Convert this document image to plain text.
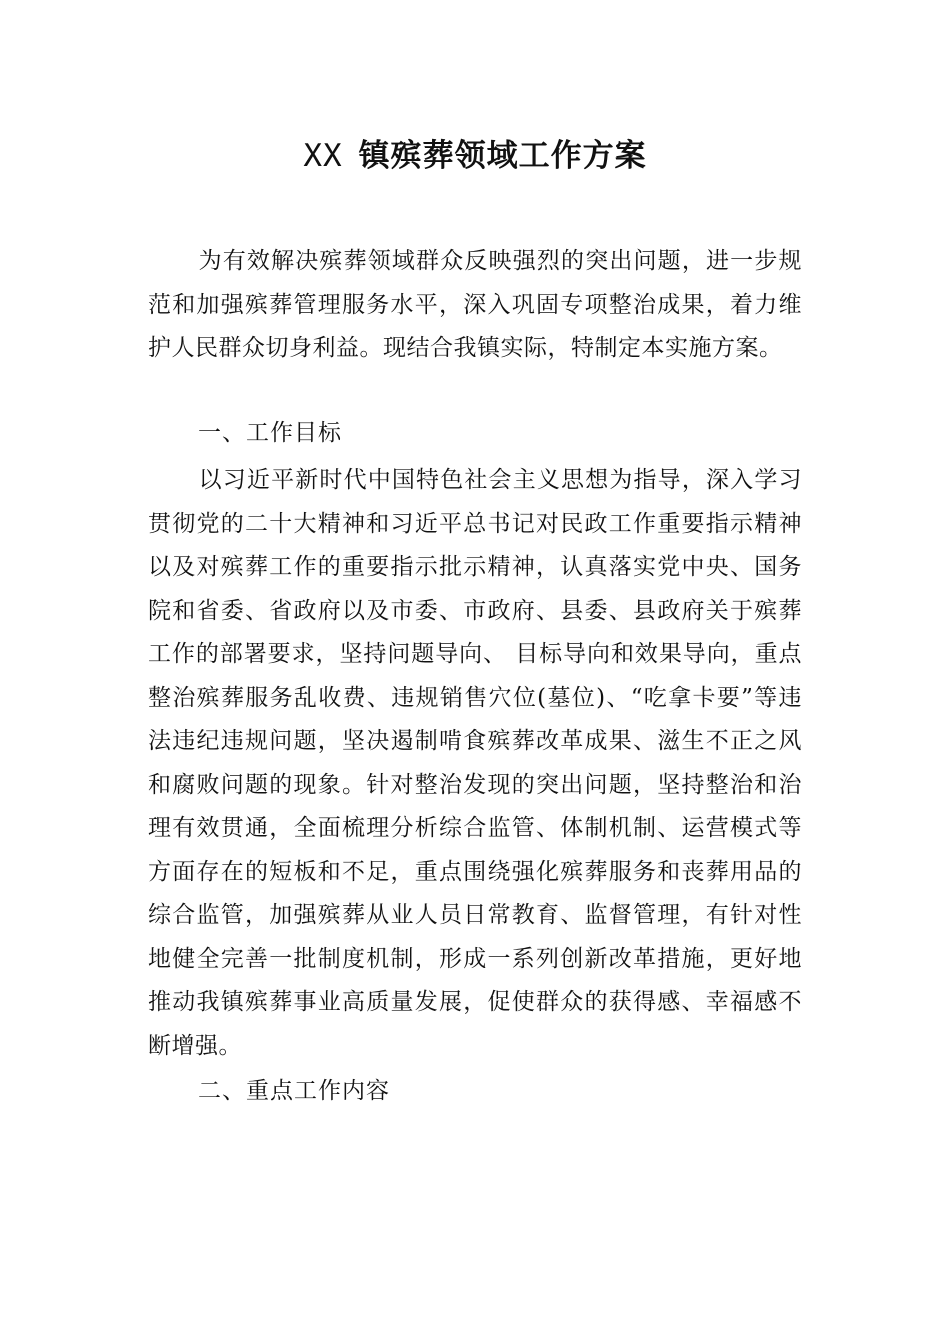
XX 镇殡葬领域工作方案

为有效解决殡葬领域群众反映强烈的突出问题，进一步规范和加强殡葬管理服务水平，深入巩固专项整治成果，着力维护人民群众切身利益。现结合我镇实际，特制定本实施方案。

一、工作目标

以习近平新时代中国特色社会主义思想为指导，深入学习贯彻党的二十大精神和习近平总书记对民政工作重要指示精神以及对殡葬工作的重要指示批示精神，认真落实党中央、国务院和省委、省政府以及市委、市政府、县委、县政府关于殡葬工作的部署要求，坚持问题导向、 目标导向和效果导向，重点整治殡葬服务乱收费、违规销售穴位(墓位)、“吃拿卡要”等违法违纪违规问题，坚决遏制啃食殡葬改革成果、滋生不正之风和腐败问题的现象。针对整治发现的突出问题，坚持整治和治理有效贯通，全面梳理分析综合监管、体制机制、运营模式等方面存在的短板和不足，重点围绕强化殡葬服务和丧葬用品的综合监管，加强殡葬从业人员日常教育、监督管理，有针对性地健全完善一批制度机制，形成一系列创新改革措施，更好地推动我镇殡葬事业高质量发展，促使群众的获得感、幸福感不断增强。

二、重点工作内容
